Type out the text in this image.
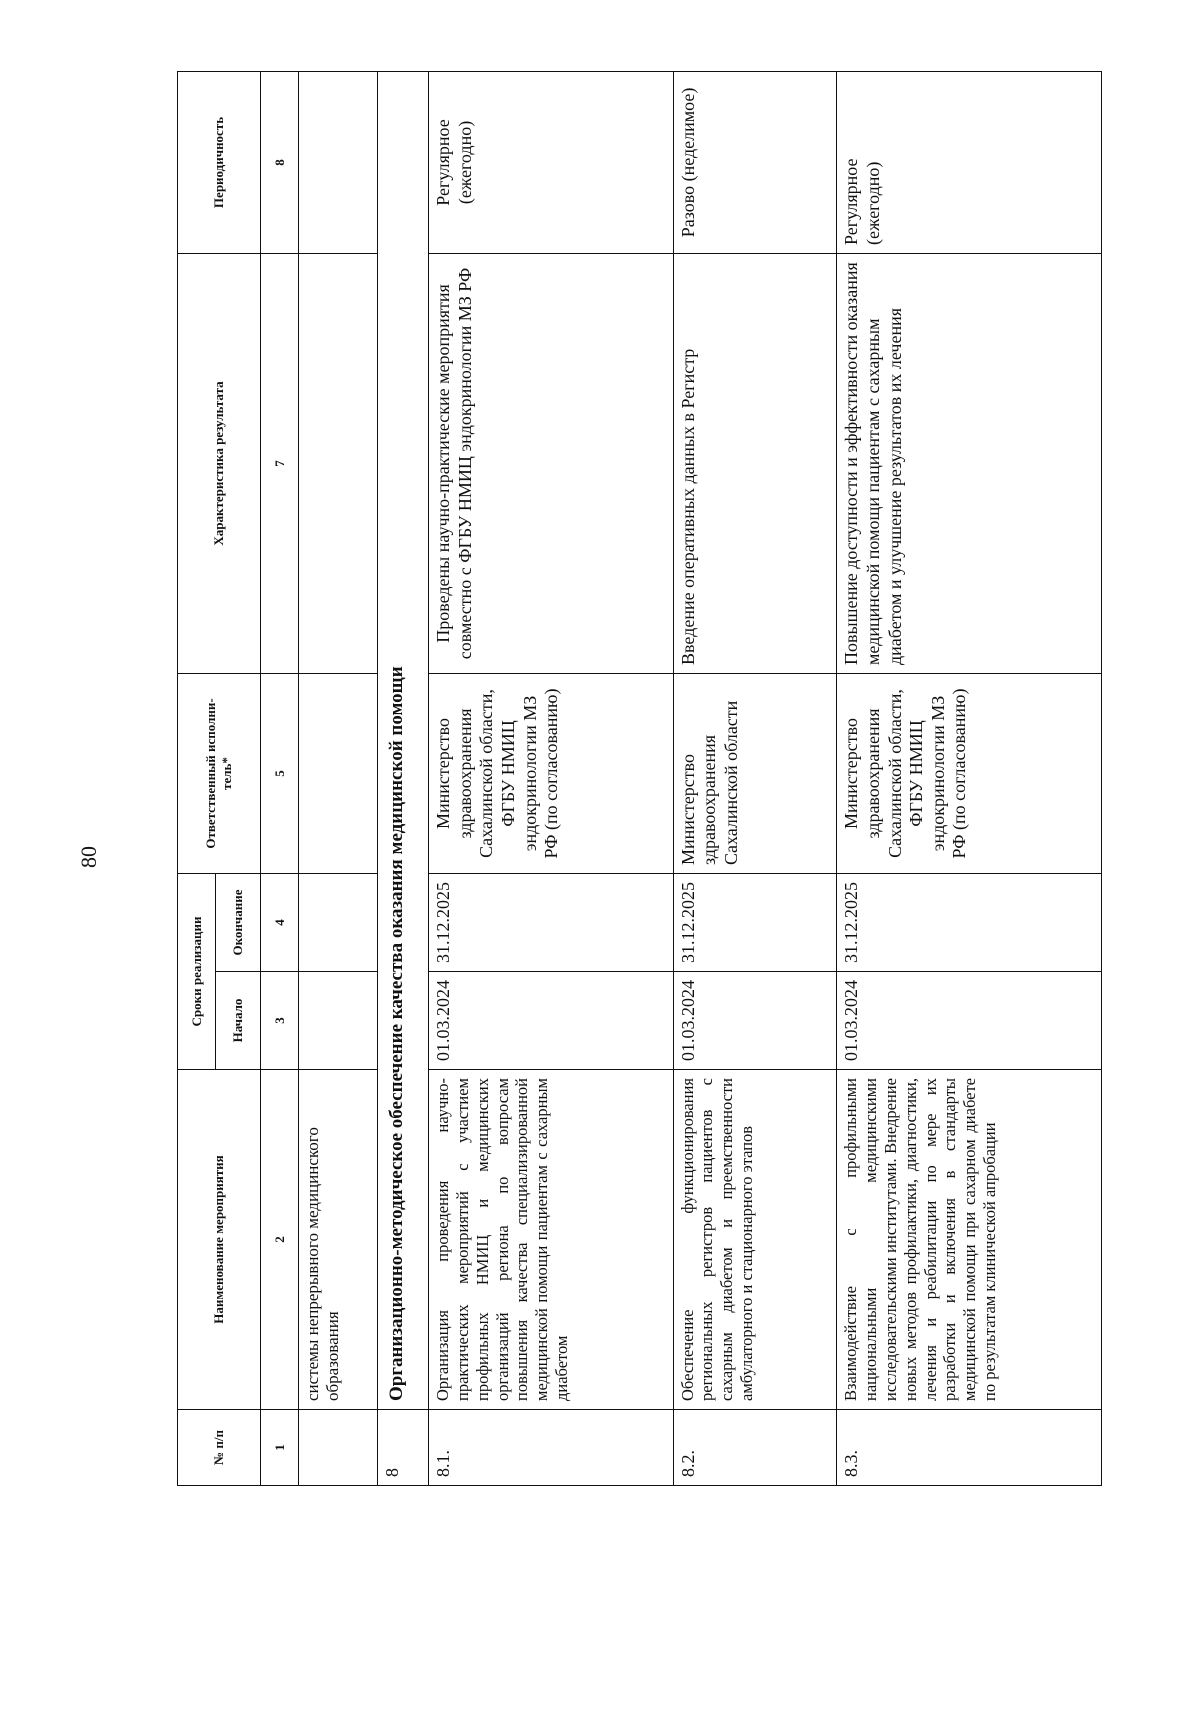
80
№ п/п	Наименование мероприятия	Сроки реализации		Ответственный исполни-тель*	Характеристика результата	Периодичность
		Начало	Окончание			
1	2	3	4	5	7	8
	системы непрерывного медицинского образования					
8	Организационно-методическое обеспечение качества оказания медицинской помощи					
8.1.	Организация проведения научно-практических мероприятий с участием профильных НМИЦ и медицинских организаций региона по вопросам повышения качества специализированной медицинской помощи пациентам с сахарным диабетом	01.03.2024	31.12.2025	Министерство здравоохранения Сахалинской области, ФГБУ НМИЦ эндокринологии МЗ РФ (по согласованию)	Проведены научно-практические мероприятия совместно с ФГБУ НМИЦ эндокринологии МЗ РФ	Регулярное (ежегодно)
8.2.	Обеспечение функционирования региональных регистров пациентов с сахарным диабетом и преемственности амбулаторного и стационарного этапов	01.03.2024	31.12.2025	Министерство здравоохранения Сахалинской области	Введение оперативных данных в Регистр	Разово (неделимое)
8.3.	Взаимодействие с профильными национальными медицинскими исследовательскими институтами. Внедрение новых методов профилактики, диагностики, лечения и реабилитации по мере их разработки и включения в стандарты медицинской помощи при сахарном диабете по результатам клинической апробации	01.03.2024	31.12.2025	Министерство здравоохранения Сахалинской области, ФГБУ НМИЦ эндокринологии МЗ РФ (по согласованию)	Повышение доступности и эффективности оказания медицинской помощи пациентам с сахарным диабетом и улучшение результатов их лечения	Регулярное (ежегодно)
